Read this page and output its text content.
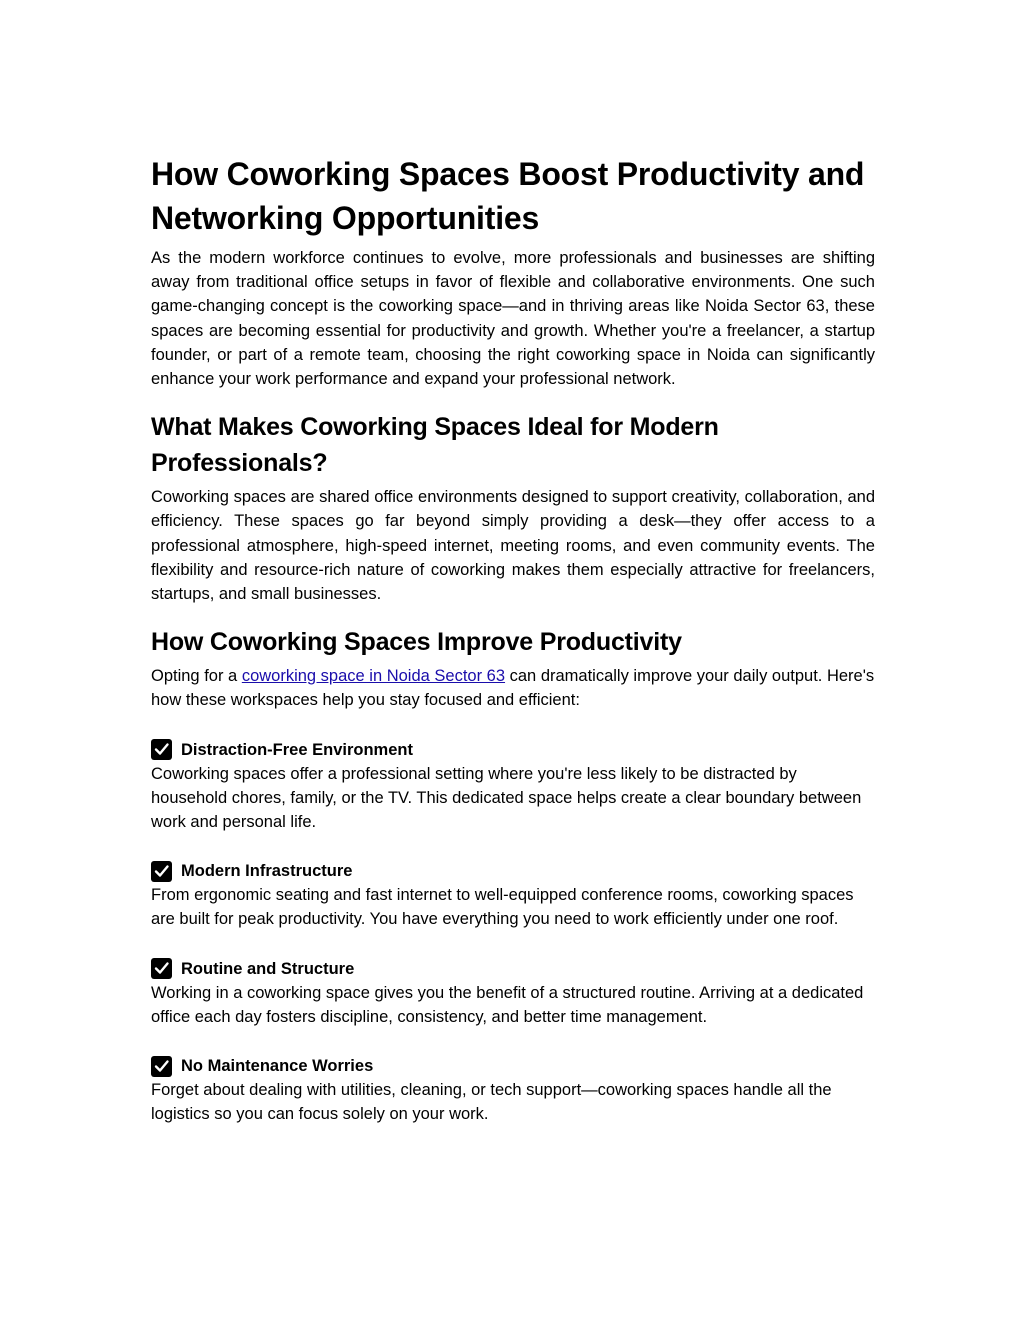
How Coworking Spaces Boost Productivity and Networking Opportunities

As the modern workforce continues to evolve, more professionals and businesses are shifting away from traditional office setups in favor of flexible and collaborative environments. One such game-changing concept is the coworking space—and in thriving areas like Noida Sector 63, these spaces are becoming essential for productivity and growth. Whether you're a freelancer, a startup founder, or part of a remote team, choosing the right coworking space in Noida can significantly enhance your work performance and expand your professional network.

What Makes Coworking Spaces Ideal for Modern Professionals?

Coworking spaces are shared office environments designed to support creativity, collaboration, and efficiency. These spaces go far beyond simply providing a desk—they offer access to a professional atmosphere, high-speed internet, meeting rooms, and even community events. The flexibility and resource-rich nature of coworking makes them especially attractive for freelancers, startups, and small businesses.

How Coworking Spaces Improve Productivity

Opting for a coworking space in Noida Sector 63 can dramatically improve your daily output. Here's how these workspaces help you stay focused and efficient:

Distraction-Free Environment

Coworking spaces offer a professional setting where you're less likely to be distracted by household chores, family, or the TV. This dedicated space helps create a clear boundary between work and personal life.

Modern Infrastructure

From ergonomic seating and fast internet to well-equipped conference rooms, coworking spaces are built for peak productivity. You have everything you need to work efficiently under one roof.

Routine and Structure

Working in a coworking space gives you the benefit of a structured routine. Arriving at a dedicated office each day fosters discipline, consistency, and better time management.

No Maintenance Worries

Forget about dealing with utilities, cleaning, or tech support—coworking spaces handle all the logistics so you can focus solely on your work.
